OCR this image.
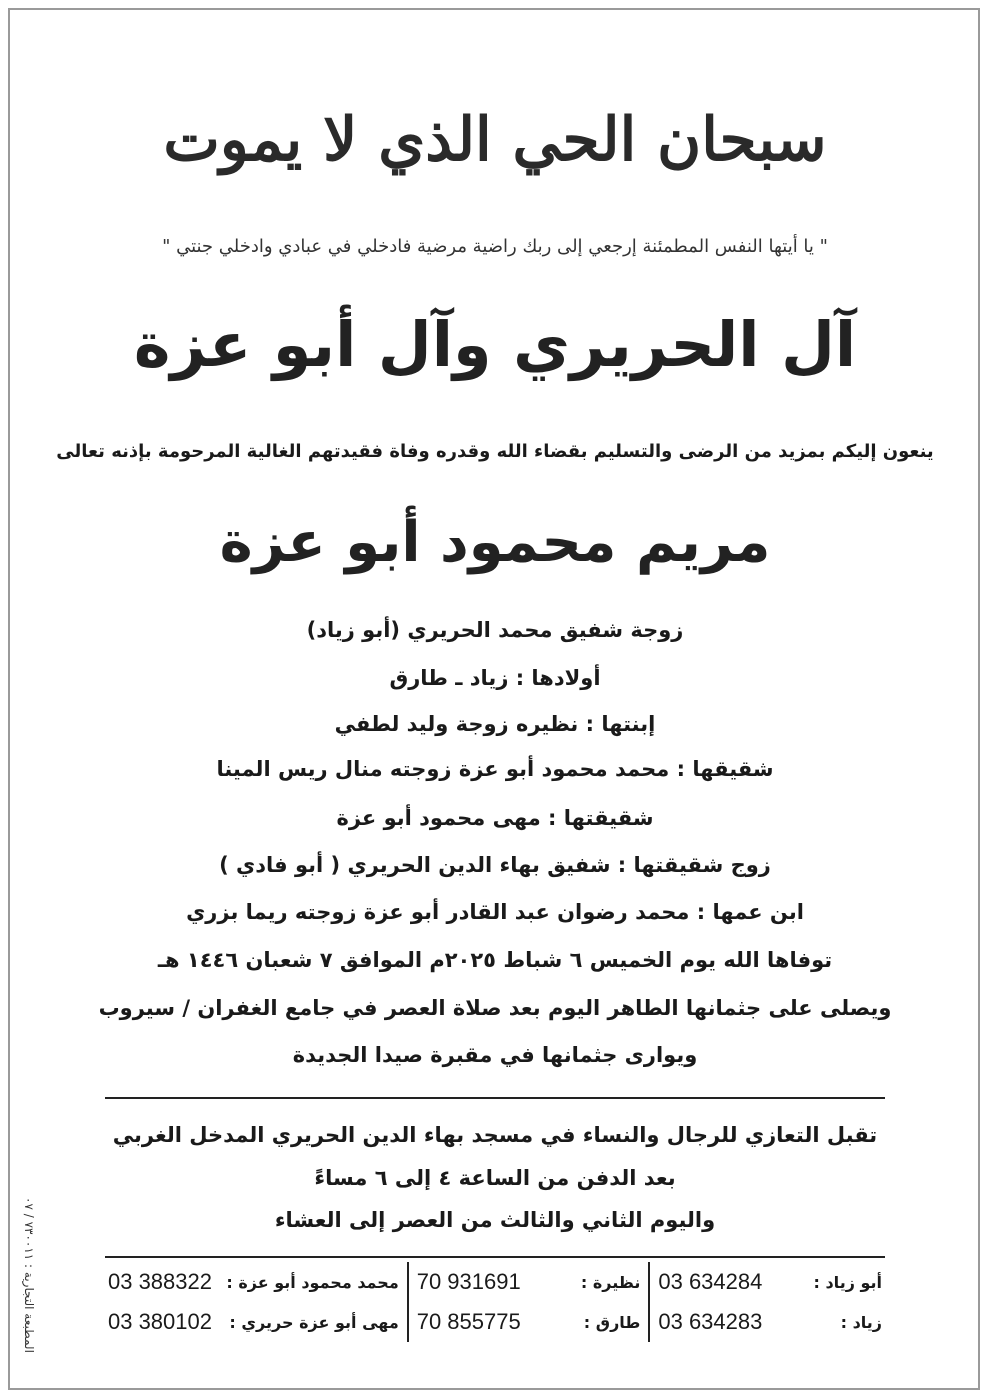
سبحان الحي الذي لا يموت
" يا أيتها النفس المطمئنة إرجعي إلى ربك راضية مرضية فادخلي في عبادي وادخلي جنتي "
آل الحريري وآل أبو عزة
ينعون إليكم بمزيد من الرضى والتسليم بقضاء الله وقدره وفاة فقيدتهم الغالية المرحومة بإذنه تعالى
مريم محمود أبو عزة
زوجة شفيق محمد الحريري (أبو زياد)
أولادها : زياد ـ طارق
إبنتها : نظيره زوجة وليد لطفي
شقيقها : محمد محمود أبو عزة زوجته منال ريس المينا
شقيقتها : مهى محمود أبو عزة
زوج شقيقتها : شفيق بهاء الدين الحريري ( أبو فادي )
ابن عمها : محمد رضوان عبد القادر أبو عزة زوجته ريما بزري
توفاها الله يوم الخميس ٦ شباط ٢٠٢٥م الموافق ٧ شعبان ١٤٤٦ هـ
ويصلى على جثمانها الطاهر اليوم بعد صلاة العصر في جامع الغفران / سيروب
ويوارى جثمانها في مقبرة صيدا الجديدة
تقبل التعازي للرجال والنساء في مسجد بهاء الدين الحريري المدخل الغربي
بعد الدفن من الساعة ٤ إلى ٦ مساءً
واليوم الثاني والثالث من العصر إلى العشاء
أبو زياد :
03 634284
زياد :
03 634283
نظيرة :
70 931691
طارق :
70 855775
محمد محمود أبو عزة :
03 388322
مهى أبو عزة حريري :
03 380102
المطبعة التجارية : ٧٣٠٠١١ / ٠٧
